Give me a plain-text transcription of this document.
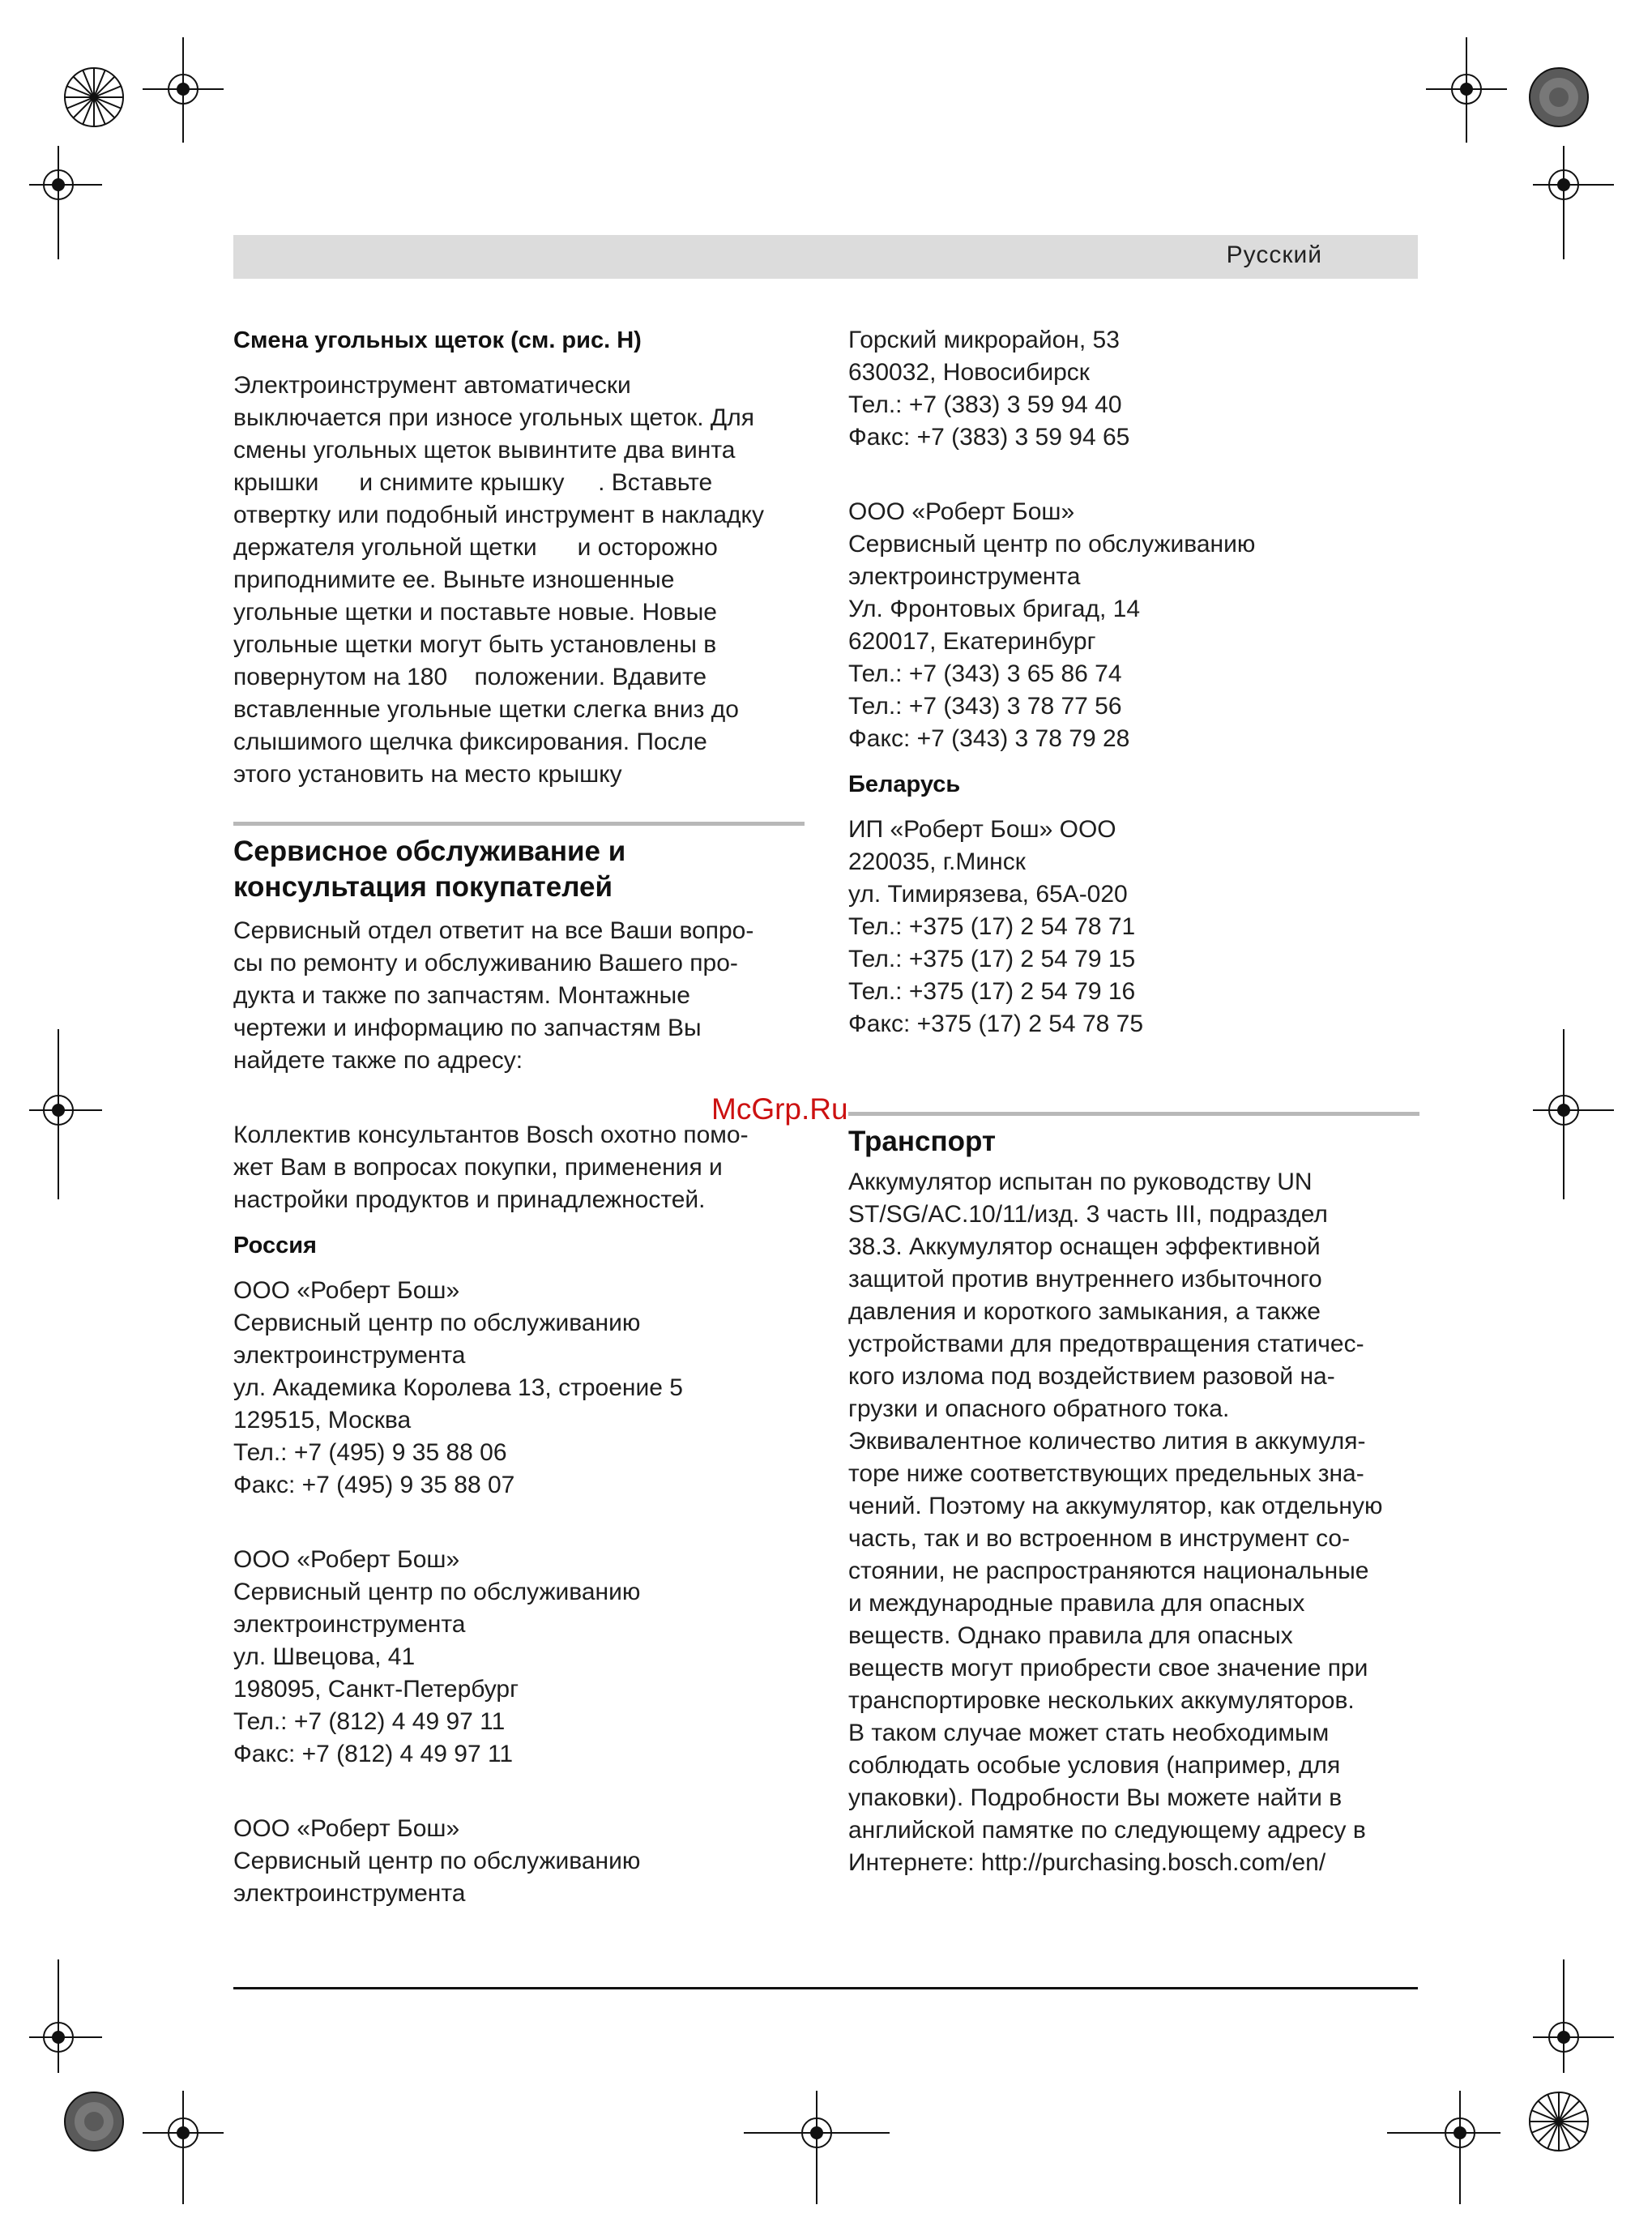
Русский

Смена угольных щеток (см. рис. H)

Электроинструмент автоматически
выключается при износе угольных щеток. Для
смены угольных щеток вывинтите два винта
крышки      и снимите крышку     . Вставьте
отвертку или подобный инструмент в накладку
держателя угольной щетки      и осторожно
приподнимите ее. Выньте изношенные
угольные щетки и поставьте новые. Новые
угольные щетки могут быть установлены в
повернутом на 180    положении. Вдавите
вставленные угольные щетки слегка вниз до
слышимого щелчка фиксирования. После
этого установить на место крышку

Сервисное обслуживание и

консультация покупателей

Сервисный отдел ответит на все Ваши вопро-
сы по ремонту и обслуживанию Вашего про-
дукта и также по запчастям. Монтажные
чертежи и информацию по запчастям Вы
найдете также по адресу:
Коллектив консультантов Bosch охотно помо-
жет Вам в вопросах покупки, применения и
настройки продуктов и принадлежностей.

Россия

ООО «Роберт Бош»
Сервисный центр по обслуживанию
электроинструмента
ул. Академика Королева 13, строение 5
129515, Москва
Тел.: +7 (495) 9 35 88 06
Факс: +7 (495) 9 35 88 07
ООО «Роберт Бош»
Сервисный центр по обслуживанию
электроинструмента
ул. Швецова, 41
198095, Санкт-Петербург
Тел.: +7 (812) 4 49 97 11
Факс: +7 (812) 4 49 97 11
ООО «Роберт Бош»
Сервисный центр по обслуживанию
электроинструмента
Горский микрорайон, 53
630032, Новосибирск
Тел.: +7 (383) 3 59 94 40
Факс: +7 (383) 3 59 94 65
ООО «Роберт Бош»
Сервисный центр по обслуживанию
электроинструмента
Ул. Фронтовых бригад, 14
620017, Екатеринбург
Тел.: +7 (343) 3 65 86 74
Тел.: +7 (343) 3 78 77 56
Факс: +7 (343) 3 78 79 28

Беларусь

ИП «Роберт Бош» ООО
220035, г.Минск
ул. Тимирязева, 65А-020
Тел.: +375 (17) 2 54 78 71
Тел.: +375 (17) 2 54 79 15
Тел.: +375 (17) 2 54 79 16
Факс: +375 (17) 2 54 78 75

Транспорт

Аккумулятор испытан по руководству UN
ST/SG/AC.10/11/изд. 3 часть III, подраздел
38.3. Аккумулятор оснащен эффективной
защитой против внутреннего избыточного
давления и короткого замыкания, а также
устройствами для предотвращения статичес-
кого излома под воздействием разовой на-
грузки и опасного обратного тока.
Эквивалентное количество лития в аккумуля-
торе ниже соответствующих предельных зна-
чений. Поэтому на аккумулятор, как отдельную
часть, так и во встроенном в инструмент со-
стоянии, не распространяются национальные
и международные правила для опасных
веществ. Однако правила для опасных
веществ могут приобрести свое значение при
транспортировке нескольких аккумуляторов.
В таком случае может стать необходимым
соблюдать особые условия (например, для
упаковки). Подробности Вы можете найти в
английской памятке по следующему адресу в
Интернете: http://purchasing.bosch.com/en/
McGrp.Ru
